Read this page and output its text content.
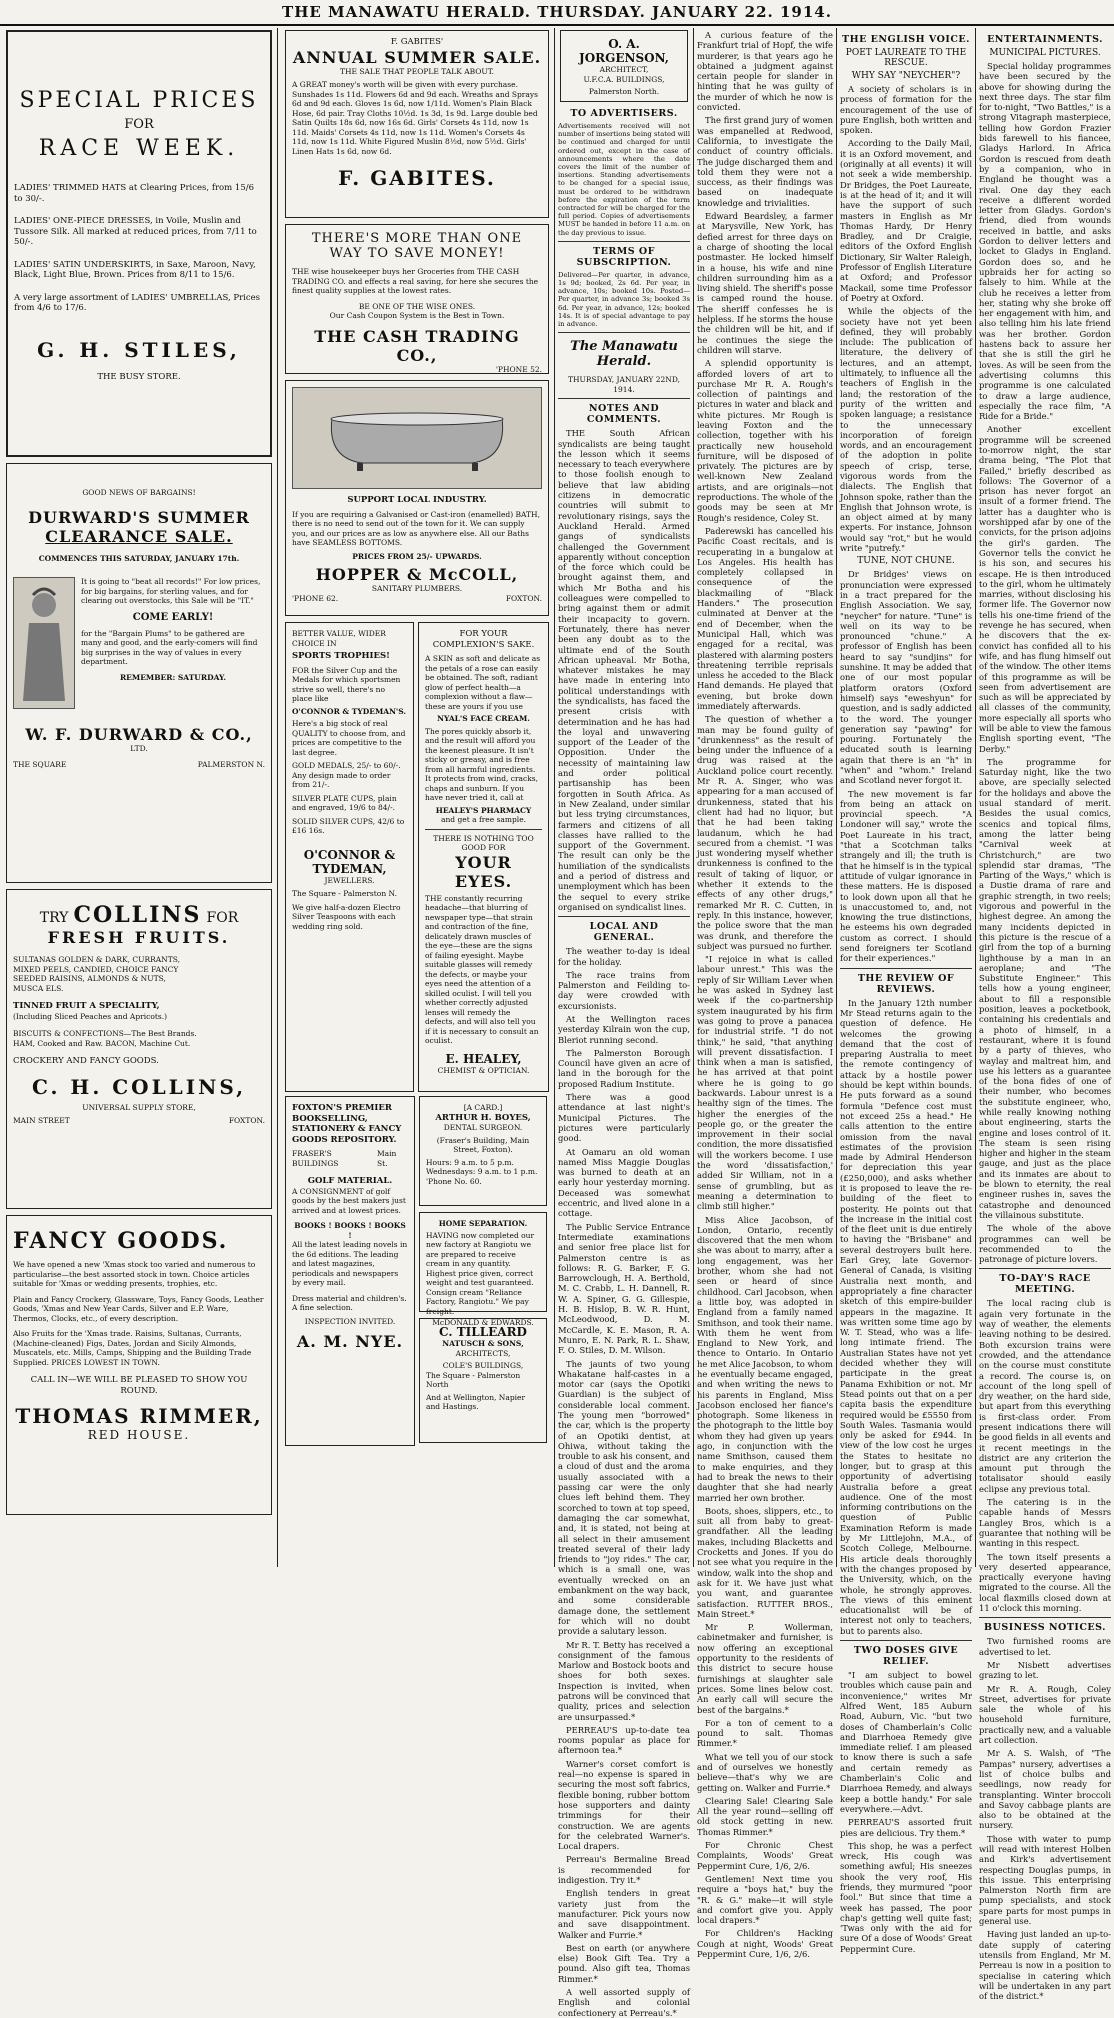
THE MANAWATU HERALD. THURSDAY. JANUARY 22. 1914.
SPECIAL PRICES
FOR
RACE WEEK.
LADIES' TRIMMED HATS at Clearing Prices, from 15/6 to 30/-.
LADIES' ONE-PIECE DRESSES, in Voile, Muslin and Tussore Silk. All marked at reduced prices, from 7/11 to 50/-.
LADIES' SATIN UNDERSKIRTS, in Saxe, Maroon, Navy, Black, Light Blue, Brown. Prices from 8/11 to 15/6.
A very large assortment of LADIES' UMBRELLAS, Prices from 4/6 to 17/6.
G. H. STILES,
THE BUSY STORE.
GOOD NEWS OF BARGAINS!
DURWARD'S SUMMER
CLEARANCE SALE.
COMMENCES THIS SATURDAY, JANUARY 17th.
It is going to "beat all records!" For low prices, for big bargains, for sterling values, and for clearing out overstocks, this Sale will be "IT."
COME EARLY!
for the "Bargain Plums" to be gathered are many and good, and the early-comers will find big surprises in the way of values in every department.
REMEMBER: SATURDAY.
W. F. DURWARD & CO.,
LTD.
THE SQUARE	PALMERSTON N.
TRY COLLINS FOR
FRESH FRUITS.
SULTANAS GOLDEN & DARK, CURRANTS,
MIXED PEELS, CANDIED, CHOICE FANCY
SEEDED RAISINS, ALMONDS & NUTS,
MUSCA ELS.
TINNED FRUIT A SPECIALITY,
(Including Sliced Peaches and Apricots.)
BISCUITS & CONFECTIONS—The Best Brands.
HAM, Cooked and Raw. BACON, Machine Cut.
CROCKERY AND FANCY GOODS.
C. H. COLLINS,
UNIVERSAL SUPPLY STORE,
MAIN STREET	FOXTON.
FANCY GOODS.
We have opened a new 'Xmas stock too varied and numerous to particularise—the best assorted stock in town. Choice articles suitable for 'Xmas or wedding presents, trophies, etc.
Plain and Fancy Crockery, Glassware, Toys, Fancy Goods, Leather Goods, 'Xmas and New Year Cards, Silver and E.P. Ware, Thermos, Clocks, etc., of every description.
Also Fruits for the 'Xmas trade. Raisins, Sultanas, Currants, (Machine-cleaned) Figs, Dates, Jordan and Sicily Almonds, Muscatels, etc. Mills, Camps, Shipping and the Building Trade Supplied. PRICES LOWEST IN TOWN.
CALL IN—WE WILL BE PLEASED TO SHOW YOU ROUND.
THOMAS RIMMER,
RED HOUSE.
F. GABITES'
ANNUAL SUMMER SALE.
THE SALE THAT PEOPLE TALK ABOUT.
A GREAT money's worth will be given with every purchase. Sunshades 1s 11d. Flowers 6d and 9d each. Wreaths and Sprays 6d and 9d each. Gloves 1s 6d, now 1/11d. Women's Plain Black Hose, 6d pair. Tray Cloths 10½d. 1s 3d, 1s 9d. Large double bed Satin Quilts 18s 6d, now 16s 6d. Girls' Corsets 4s 11d, now 1s 11d. Maids' Corsets 4s 11d, now 1s 11d. Women's Corsets 4s 11d, now 1s 11d. White Figured Muslin 8½d, now 5½d. Girls' Linen Hats 1s 6d, now 6d.
F. GABITES.
THERE'S MORE THAN ONE
WAY TO SAVE MONEY!
THE wise housekeeper buys her Groceries from THE CASH TRADING CO. and effects a real saving, for here she secures the finest quality supplies at the lowest rates.
BE ONE OF THE WISE ONES.
Our Cash Coupon System is the Best in Town.
THE CASH TRADING CO.,
'PHONE 52.
SUPPORT LOCAL INDUSTRY.
If you are requiring a Galvanised or Cast-iron (enamelled) BATH, there is no need to send out of the town for it. We can supply you, and our prices are as low as anywhere else. All our Baths have SEAMLESS BOTTOMS.
PRICES FROM 25/- UPWARDS.
HOPPER & McCOLL,
SANITARY PLUMBERS.
'PHONE 62.	FOXTON.
BETTER VALUE, WIDER CHOICE IN
SPORTS TROPHIES!
FOR the Silver Cup and the Medals for which sportsmen strive so well, there's no place like
O'CONNOR & TYDEMAN'S.
Here's a big stock of real QUALITY to choose from, and prices are competitive to the last degree.
GOLD MEDALS, 25/- to 60/-. Any design made to order from 21/-.
SILVER PLATE CUPS, plain and engraved, 19/6 to 84/-.
SOLID SILVER CUPS, 42/6 to £16 16s.
O'CONNOR &
TYDEMAN,
JEWELLERS.
The Square - Palmerston N.
We give half-a-dozen Electro Silver Teaspoons with each wedding ring sold.
FOR YOUR COMPLEXION'S SAKE.
A SKIN as soft and delicate as the petals of a rose can easily be obtained. The soft, radiant glow of perfect health—a complexion without a flaw—these are yours if you use
NYAL'S FACE CREAM.
The pores quickly absorb it, and the result will afford you the keenest pleasure. It isn't sticky or greasy, and is free from all harmful ingredients. It protects from wind, cracks, chaps and sunburn. If you have never tried it, call at
HEALEY'S PHARMACY
and get a free sample.
THERE IS NOTHING TOO GOOD FOR
YOUR EYES.
THE constantly recurring headache—that blurring of newspaper type—that strain and contraction of the fine, delicately drawn muscles of the eye—these are the signs of failing eyesight. Maybe suitable glasses will remedy the defects, or maybe your eyes need the attention of a skilled oculist. I will tell you whether correctly adjusted lenses will remedy the defects, and will also tell you if it is necessary to consult an oculist.
E. HEALEY,
CHEMIST & OPTICIAN.
FOXTON'S PREMIER
BOOKSELLING, STATIONERY & FANCY
GOODS REPOSITORY.
FRASER'S BUILDINGS
Main St.
GOLF MATERIAL.
A CONSIGNMENT of golf goods by the best makers just arrived and at lowest prices.
BOOKS ! BOOKS ! BOOKS !
All the latest leading novels in the 6d editions. The leading and latest magazines, periodicals and newspapers by every mail.
Dress material and children's. A fine selection.
INSPECTION INVITED.
A. M. NYE.
[A CARD.]
ARTHUR H. BOYES,
DENTAL SURGEON.
(Fraser's Building, Main Street, Foxton).
Hours: 9 a.m. to 5 p.m. Wednesdays: 9 a.m. to 1 p.m. 'Phone No. 60.
HOME SEPARATION.
HAVING now completed our new factory at Rangiotu we are prepared to receive cream in any quantity. Highest price given, correct weight and test guaranteed. Consign cream "Reliance Factory, Rangiotu." We pay freight.
McDONALD & EDWARDS.
C. TILLEARD
NATUSCH & SONS,
ARCHITECTS,
COLE'S BUILDINGS,
The Square - Palmerston North
And at Wellington, Napier and Hastings.
O. A. JORGENSON,
ARCHITECT,
U.F.C.A. BUILDINGS,
Palmerston North.
TO ADVERTISERS.
Advertisements received will not number of insertions being stated will be continued and charged for until ordered out, except in the case of announcements where the date covers the limit of the number of insertions. Standing advertisements to be changed for a special issue, must be ordered to be withdrawn before the expiration of the term contracted for will be charged for the full period. Copies of advertisements MUST be handed in before 11 a.m. on the day previous to issue.
TERMS OF SUBSCRIPTION.
Delivered—Per quarter, in advance, 1s 9d; booked, 2s 6d. Per year, in advance, 10s; booked 10s. Posted—Per quarter, in advance 3s; booked 3s 6d. Per year, in advance, 12s; booked 14s. It is of special advantage to pay in advance.
The Manawatu Herald.
THURSDAY, JANUARY 22ND, 1914.
NOTES AND COMMENTS.

THE South African syndicalists are being taught the lesson which it seems necessary to teach everywhere to those foolish enough to believe that law abiding citizens in democratic countries will submit to revolutionary risings, says the Auckland Herald. Armed gangs of syndicalists challenged the Government apparently without conception of the force which could be brought against them, and which Mr Botha and his colleagues were compelled to bring against them or admit their incapacity to govern. Fortunately, there has never been any doubt as to the ultimate end of the South African upheaval. Mr Botha, whatever mistakes he may have made in entering into political understandings with the syndicalists, has faced the present crisis with determination and he has had the loyal and unwavering support of the Leader of the Opposition. Under the necessity of maintaining law and order political partisanship has been forgotten in South Africa. As in New Zealand, under similar but less trying circumstances, farmers and citizens of all classes have rallied to the support of the Government. The result can only be the humiliation of the syndicalists and a period of distress and unemployment which has been the sequel to every strike organised on syndicalist lines.

LOCAL AND GENERAL.

The weather to-day is ideal for the holiday.

The race trains from Palmerston and Feilding to-day were crowded with excursionists.

At the Wellington races yesterday Kilrain won the cup, Bleriot running second.

The Palmerston Borough Council have given an acre of land in the borough for the proposed Radium Institute.

There was a good attendance at last night's Municipal Pictures. The pictures were particularly good.

At Oamaru an old woman named Miss Maggie Douglas was burned to death at an early hour yesterday morning. Deceased was somewhat eccentric, and lived alone in a cottage.

The Public Service Entrance Intermediate examinations and senior free place list for Palmerston centre is as follows: R. G. Barker, F. G. Barrowclough, H. A. Berthold, M. C. Crabb, L. H. Dannell, R. W. A. Spiner, G. G. Gillespie, H. B. Hislop, B. W. R. Hunt, McLeodwood, D. M. McCardle, K. E. Mason, R. A. Munro, E. N. Park, R. L. Shaw, F. O. Stiles, D. M. Wilson.

The jaunts of two young Whakatane half-castes in a motor car (says the Opotiki Guardian) is the subject of considerable local comment. The young men "borrowed" the car, which is the property of an Opotiki dentist, at Ohiwa, without taking the trouble to ask his consent, and a cloud of dust and the aroma usually associated with a passing car were the only clues left behind them. They scorched to town at top speed, damaging the car somewhat, and, it is stated, not being at all select in their amusement treated several of their lady friends to "joy rides." The car, which is a small one, was eventually wrecked on an embankment on the way back, and some considerable damage done, the settlement for which will no doubt provide a salutary lesson.

Mr R. T. Betty has received a consignment of the famous Marlow and Bostock boots and shoes for both sexes. Inspection is invited, when patrons will be convinced that quality, prices and selection are unsurpassed.*

PERREAU'S up-to-date tea rooms popular as place for afternoon tea.*

Warner's corset comfort is real—no expense is spared in securing the most soft fabrics, flexible boning, rubber bottom hose supporters and dainty trimmings for their construction. We are agents for the celebrated Warner's. Local drapers.

Perreau's Bermaline Bread is recommended for indigestion. Try it.*

English tenders in great variety just from the manufacturer. Pick yours now and save disappointment. Walker and Furrie.*

Best on earth (or anywhere else) Book Gift Tea. Try a pound. Also gift tea, Thomas Rimmer.*

A well assorted supply of English and colonial confectionery at Perreau's.*

A curious feature of the Frankfurt trial of Hopf, the wife murderer, is that years ago he obtained a judgment against certain people for slander in hinting that he was guilty of the murder of which he now is convicted.

The first grand jury of women was empanelled at Redwood, California, to investigate the conduct of country officials. The judge discharged them and told them they were not a success, as their findings was based on inadequate knowledge and trivialities.

Edward Beardsley, a farmer at Marysville, New York, has defied arrest for three days on a charge of shooting the local postmaster. He locked himself in a house, his wife and nine children surrounding him as a living shield. The sheriff's posse is camped round the house. The sheriff confesses he is helpless. If he storms the house the children will be hit, and if he continues the siege the children will starve.

A splendid opportunity is afforded lovers of art to purchase Mr R. A. Rough's collection of paintings and pictures in water and black and white pictures. Mr Rough is leaving Foxton and the collection, together with his practically new household furniture, will be disposed of privately. The pictures are by well-known New Zealand artists, and are originals—not reproductions. The whole of the goods may be seen at Mr Rough's residence, Coley St.

Paderewski has cancelled his Pacific Coast recitals, and is recuperating in a bungalow at Los Angeles. His health has completely collapsed in consequence of the blackmailing of "Black Handers." The prosecution culminated at Denver at the end of December, when the Municipal Hall, which was engaged for a recital, was plastered with alarming posters threatening terrible reprisals unless he acceded to the Black Hand demands. He played that evening, but broke down immediately afterwards.

The question of whether a man may be found guilty of "drunkenness" as the result of being under the influence of a drug was raised at the Auckland police court recently. Mr R. A. Singer, who was appearing for a man accused of drunkenness, stated that his client had had no liquor, but that he had been taking laudanum, which he had secured from a chemist. "I was just wondering myself whether drunkenness is confined to the result of taking of liquor, or whether it extends to the effects of any other drugs," remarked Mr R. C. Cutten, in reply. In this instance, however, the police swore that the man was drunk, and therefore the subject was pursued no further.

"I rejoice in what is called labour unrest." This was the reply of Sir William Lever when he was asked in Sydney last week if the co-partnership system inaugurated by his firm was going to prove a panacea for industrial strife. "I do not think," he said, "that anything will prevent dissatisfaction. I think when a man is satisfied, he has arrived at that point where he is going to go backwards. Labour unrest is a healthy sign of the times. The higher the energies of the people go, or the greater the improvement in their social condition, the more dissatisfied will the workers become. I use the word 'dissatisfaction,' added Sir William, not in a sense of grumbling, but as meaning a determination to climb still higher."

Miss Alice Jacobson, of London, Ontario, recently discovered that the men whom she was about to marry, after a long engagement, was her brother, whom she had not seen or heard of since childhood. Carl Jacobson, when a little boy, was adopted in England from a family named Smithson, and took their name. With them he went from England to New York, and thence to Ontario. In Ontario he met Alice Jacobson, to whom he eventually became engaged, and when writing the news to his parents in England, Miss Jacobson enclosed her fiance's photograph. Some likeness in the photograph to the little boy whom they had given up years ago, in conjunction with the name Smithson, caused them to make enquiries, and they had to break the news to their daughter that she had nearly married her own brother.

Boots, shoes, slippers, etc., to suit all from baby to great-grandfather. All the leading makes, including Blacketts and Crocketts and Jones. If you do not see what you require in the window, walk into the shop and ask for it. We have just what you want, and guarantee satisfaction. RUTTER BROS., Main Street.*

Mr P. Wollerman, cabinetmaker and furnisher, is now offering an exceptional opportunity to the residents of this district to secure house furnishings at slaughter sale prices. Some lines below cost. An early call will secure the best of the bargains.*

For a ton of cement to a pound to salt. Thomas Rimmer.*

What we tell you of our stock and of ourselves we honestly believe—that's why we are getting on. Walker and Furrie.*

Clearing Sale! Clearing Sale All the year round—selling off old stock getting in new. Thomas Rimmer.*

For Chronic Chest Complaints, Woods' Great Peppermint Cure, 1/6, 2/6.

Gentlemen! Next time you require a "boys hat," buy the "R. & G." make—it will style and comfort give you. Apply local drapers.*

For Children's Hacking Cough at night, Woods' Great Peppermint Cure, 1/6, 2/6.

THE ENGLISH VOICE.
POET LAUREATE TO THE RESCUE.
WHY SAY "NEYCHER"?

A society of scholars is in process of formation for the encouragement of the use of pure English, both written and spoken.

According to the Daily Mail, it is an Oxford movement, and (originally at all events) it will not seek a wide membership. Dr Bridges, the Poet Laureate, is at the head of it; and it will have the support of such masters in English as Mr Thomas Hardy, Dr Henry Bradley, and Dr Craigie, editors of the Oxford English Dictionary, Sir Walter Raleigh, Professor of English Literature at Oxford; and Professor Mackail, some time Professor of Poetry at Oxford.

While the objects of the society have not yet been defined, they will probably include: The publication of literature, the delivery of lectures, and an attempt, ultimately, to influence all the teachers of English in the land; the restoration of the purity of the written and spoken language; a resistance to the unnecessary incorporation of foreign words, and an encouragement of the adoption in polite speech of crisp, terse, vigorous words from the dialects. The English that Johnson spoke, rather than the English that Johnson wrote, is an object aimed at by many experts. For instance, Johnson would say "rot," but he would write "putrefy."

TUNE, NOT CHUNE.

Dr Bridges' views on pronunciation were expressed in a tract prepared for the English Association. We say, "neycher" for nature. "Tune" is well on its way to be pronounced "chune." A professor of English has been heard to say "sundjins" for sunshine. It may be added that one of our most popular platform orators (Oxford himself) says "eweshyun" for question, and is sadly addicted to the word. The younger generation say "pawing" for pouring. Fortunately the educated south is learning again that there is an "h" in "when" and "whom." Ireland and Scotland never forgot it.

The new movement is far from being an attack on provincial speech. "A Londoner will say," wrote the Poet Laureate in his tract, "that a Scotchman talks strangely and ill; the truth is that he himself is in the typical attitude of vulgar ignorance in these matters. He is disposed to look down upon all that he is unaccustomed to, and, not knowing the true distinctions, he esteems his own degraded custom as correct. I should send foreigners ter Scotland for their experiences."

THE REVIEW OF REVIEWS.

In the January 12th number Mr Stead returns again to the question of defence. He welcomes the growing demand that the cost of preparing Australia to meet the remote contingency of attack by a hostile power should be kept within bounds. He puts forward as a sound formula "Defence cost must not exceed 25s a head." He calls attention to the entire omission from the naval estimates of the provision made by Admiral Henderson for depreciation this year (£250,000), and asks whether it is proposed to leave the re-building of the fleet to posterity. He points out that the increase in the initial cost of the fleet unit is due entirely to having the "Brisbane" and several destroyers built here. Earl Grey, late Governor-General of Canada, is visiting Australia next month, and appropriately a fine character sketch of this empire-builder appears in the magazine. It was written some time ago by W. T. Stead, who was a life-long intimate friend. The Australian States have not yet decided whether they will participate in the great Panama Exhibition or not. Mr Stead points out that on a per capita basis the expenditure required would be £5550 from South Wales. Tasmania would only be asked for £944. In view of the low cost he urges the States to hesitate no longer, but to grasp at this opportunity of advertising Australia before a great audience. One of the most informing contributions on the question of Public Examination Reform is made by Mr Littlejohn, M.A., of Scotch College, Melbourne. His article deals thoroughly with the changes proposed by the University, which, on the whole, he strongly approves. The views of this eminent educationalist will be of interest not only to teachers, but to parents also.

TWO DOSES GIVE RELIEF.

"I am subject to bowel troubles which cause pain and inconvenience," writes Mr Alfred Went, 185 Auburn Road, Auburn, Vic. "but two doses of Chamberlain's Colic and Diarrhoea Remedy give immediate relief. I am pleased to know there is such a safe and certain remedy as Chamberlain's Colic and Diarrhoea Remedy, and always keep a bottle handy." For sale everywhere.—Advt.

PERREAU'S assorted fruit pies are delicious. Try them.*

This shop, he was a perfect wreck, His cough was something awful; His sneezes shook the very roof, His friends, they murmured "poor fool." But since that time a week has passed, The poor chap's getting well quite fast; 'Twas only with the aid for sure Of a dose of Woods' Great Peppermint Cure.

ENTERTAINMENTS.
MUNICIPAL PICTURES.

Special holiday programmes have been secured by the above for showing during the next three days. The star film for to-night, "Two Battles," is a strong Vitagraph masterpiece, telling how Gordon Frazier bids farewell to his fiancee, Gladys Harlord. In Africa Gordon is rescued from death by a companion, who in England he thought was a rival. One day they each receive a different worded letter from Gladys. Gordon's friend, died from wounds received in battle, and asks Gordon to deliver letters and locket to Gladys in England. Gordon does so, and he upbraids her for acting so falsely to him. While at the club he receives a letter from her, stating why she broke off her engagement with him, and also telling him his late friend was her brother. Gordon hastens back to assure her that she is still the girl he loves. As will be seen from the advertising columns this programme is one calculated to draw a large audience, especially the race film, "A Ride for a Bride."

Another excellent programme will be screened to-morrow night, the star drama being, "The Plot that Failed," briefly described as follows: The Governor of a prison has never forgot an insult of a former friend. The latter has a daughter who is worshipped afar by one of the convicts, for the prison adjoins the girl's garden. The Governor tells the convict he is his son, and secures his escape. He is then introduced to the girl, whom he ultimately marries, without disclosing his former life. The Governor now tells his one-time friend of the revenge he has secured, when he discovers that the ex-convict has confided all to his wife, and has flung himself out of the window. The other items of this programme as will be seen from advertisement are such as will be appreciated by all classes of the community, more especially all sports who will be able to view the famous English sporting event, "The Derby."

The programme for Saturday night, like the two above, are specially selected for the holidays and above the usual standard of merit. Besides the usual comics, scenics and topical films, among the latter being "Carnival week at Christchurch," are two splendid star dramas, "The Parting of the Ways," which is a Dustie drama of rare and graphic strength, in two reels; vigorous and powerful in the highest degree. An among the many incidents depicted in this picture is the rescue of a girl from the top of a burning lighthouse by a man in an aeroplane; and "The Substitute Engineer." This tells how a young engineer, about to fill a responsible position, leaves a pocketbook, containing his credentials and a photo of himself, in a restaurant, where it is found by a party of thieves, who waylay and maltreat him, and use his letters as a guarantee of the bona fides of one of their number, who becomes the substitute engineer, who, while really knowing nothing about engineering, starts the engine and loses control of it. The steam is seen rising higher and higher in the steam gauge, and just as the place and its inmates are about to be blown to eternity, the real engineer rushes in, saves the catastrophe and denounced the villainous substitute.

The whole of the above programmes can well be recommended to the patronage of picture lovers.

TO-DAY'S RACE MEETING.

The local racing club is again very fortunate in the way of weather, the elements leaving nothing to be desired. Both excursion trains were crowded, and the attendance on the course must constitute a record. The course is, on account of the long spell of dry weather, on the hard side, but apart from this everything is first-class order. From present indications there will be good fields in all events and it recent meetings in the district are any criterion the amount put through the totalisator should easily eclipse any previous total.

The catering is in the capable hands of Messrs Langley Bros, which is a guarantee that nothing will be wanting in this respect.

The town itself presents a very deserted appearance, practically everyone having migrated to the course. All the local flaxmills closed down at 11 o'clock this morning.

BUSINESS NOTICES.

Two furnished rooms are advertised to let.

Mr Nisbett advertises grazing to let.

Mr R. A. Rough, Coley Street, advertises for private sale the whole of his household furniture, practically new, and a valuable art collection.

Mr A. S. Walsh, of "The Pampas" nursery, advertises a list of choice bulbs and seedlings, now ready for transplanting. Winter broccoli and Savoy cabbage plants are also to be obtained at the nursery.

Those with water to pump will read with interest Holben and Kirk's advertisement respecting Douglas pumps, in this issue. This enterprising Palmerston North firm are pump specialists, and stock spare parts for most pumps in general use.

Having just landed an up-to-date supply of catering utensils from England, Mr M. Perreau is now in a position to specialise in catering which will be undertaken in any part of the district.*
